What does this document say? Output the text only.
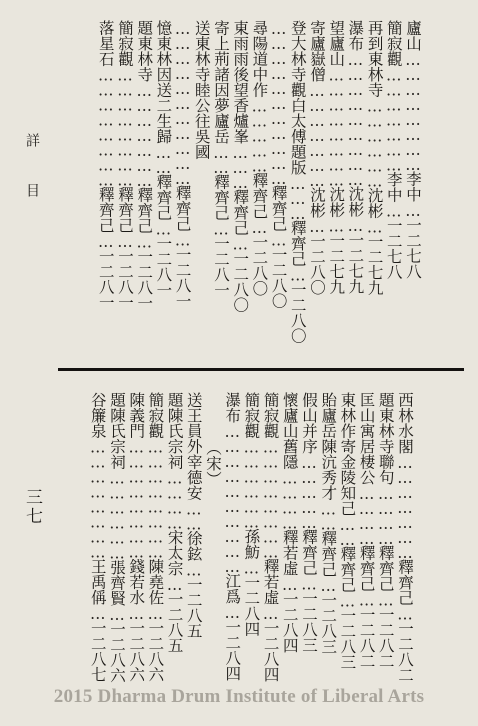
詳 目
廬山……………………李中…一二七八
簡寂觀…………………李中…一二七八
再到東林寺………………沈彬…一二七九
瀑布………………………沈彬…一二七九
望廬山……………………沈彬…一二七九
寄廬嶽僧…………………沈彬…一二八〇
登大林寺觀白太傅題版………釋齊己…一二八〇
……………………………釋齊己…一二八〇
尋陽道中作……………釋齊己…一二八〇
東雨雨後望香爐峯………釋齊己…一二八〇
寄上荊諸因夢廬岳……釋齊己…一二八一
送東林寺睦公往吳國
……………………………釋齊己…一二八一
憶東林因送二生歸……釋齊己…一二八一
題東林寺…………………釋齊己…一二八一
簡寂觀……………………釋齊己…一二八一
落星石……………………釋齊己…一二八一
西林水閣…………………釋齊己…一二八二
題東林寺聯句…………釋齊己…一二八二
匡山寓居棲公…………釋齊己…一二八二
東林作寄金陵知己……釋齊己…一二八三
貽廬岳陳沆秀才……釋齊己…一二八三
假山并序……………釋齊己…一二八三
懷廬山舊隱…………釋若虛…一二八四
簡寂觀……………………釋若虛…一二八四
簡寂觀………………孫魴…一二八四
瀑布…………………………江爲…一二八四
送王員外宰德安……徐鉉…一二八五
題陳氏宗祠…………宋太宗…一二八五
簡寂觀……………………陳堯佐…一二八六
陳義門……………………錢若水…一二八六
題陳氏宗祠………………張齊賢…一二八六
谷簾泉……………………王禹偁…一二八七
（宋）
三七
2015 Dharma Drum Institute of Liberal Arts
